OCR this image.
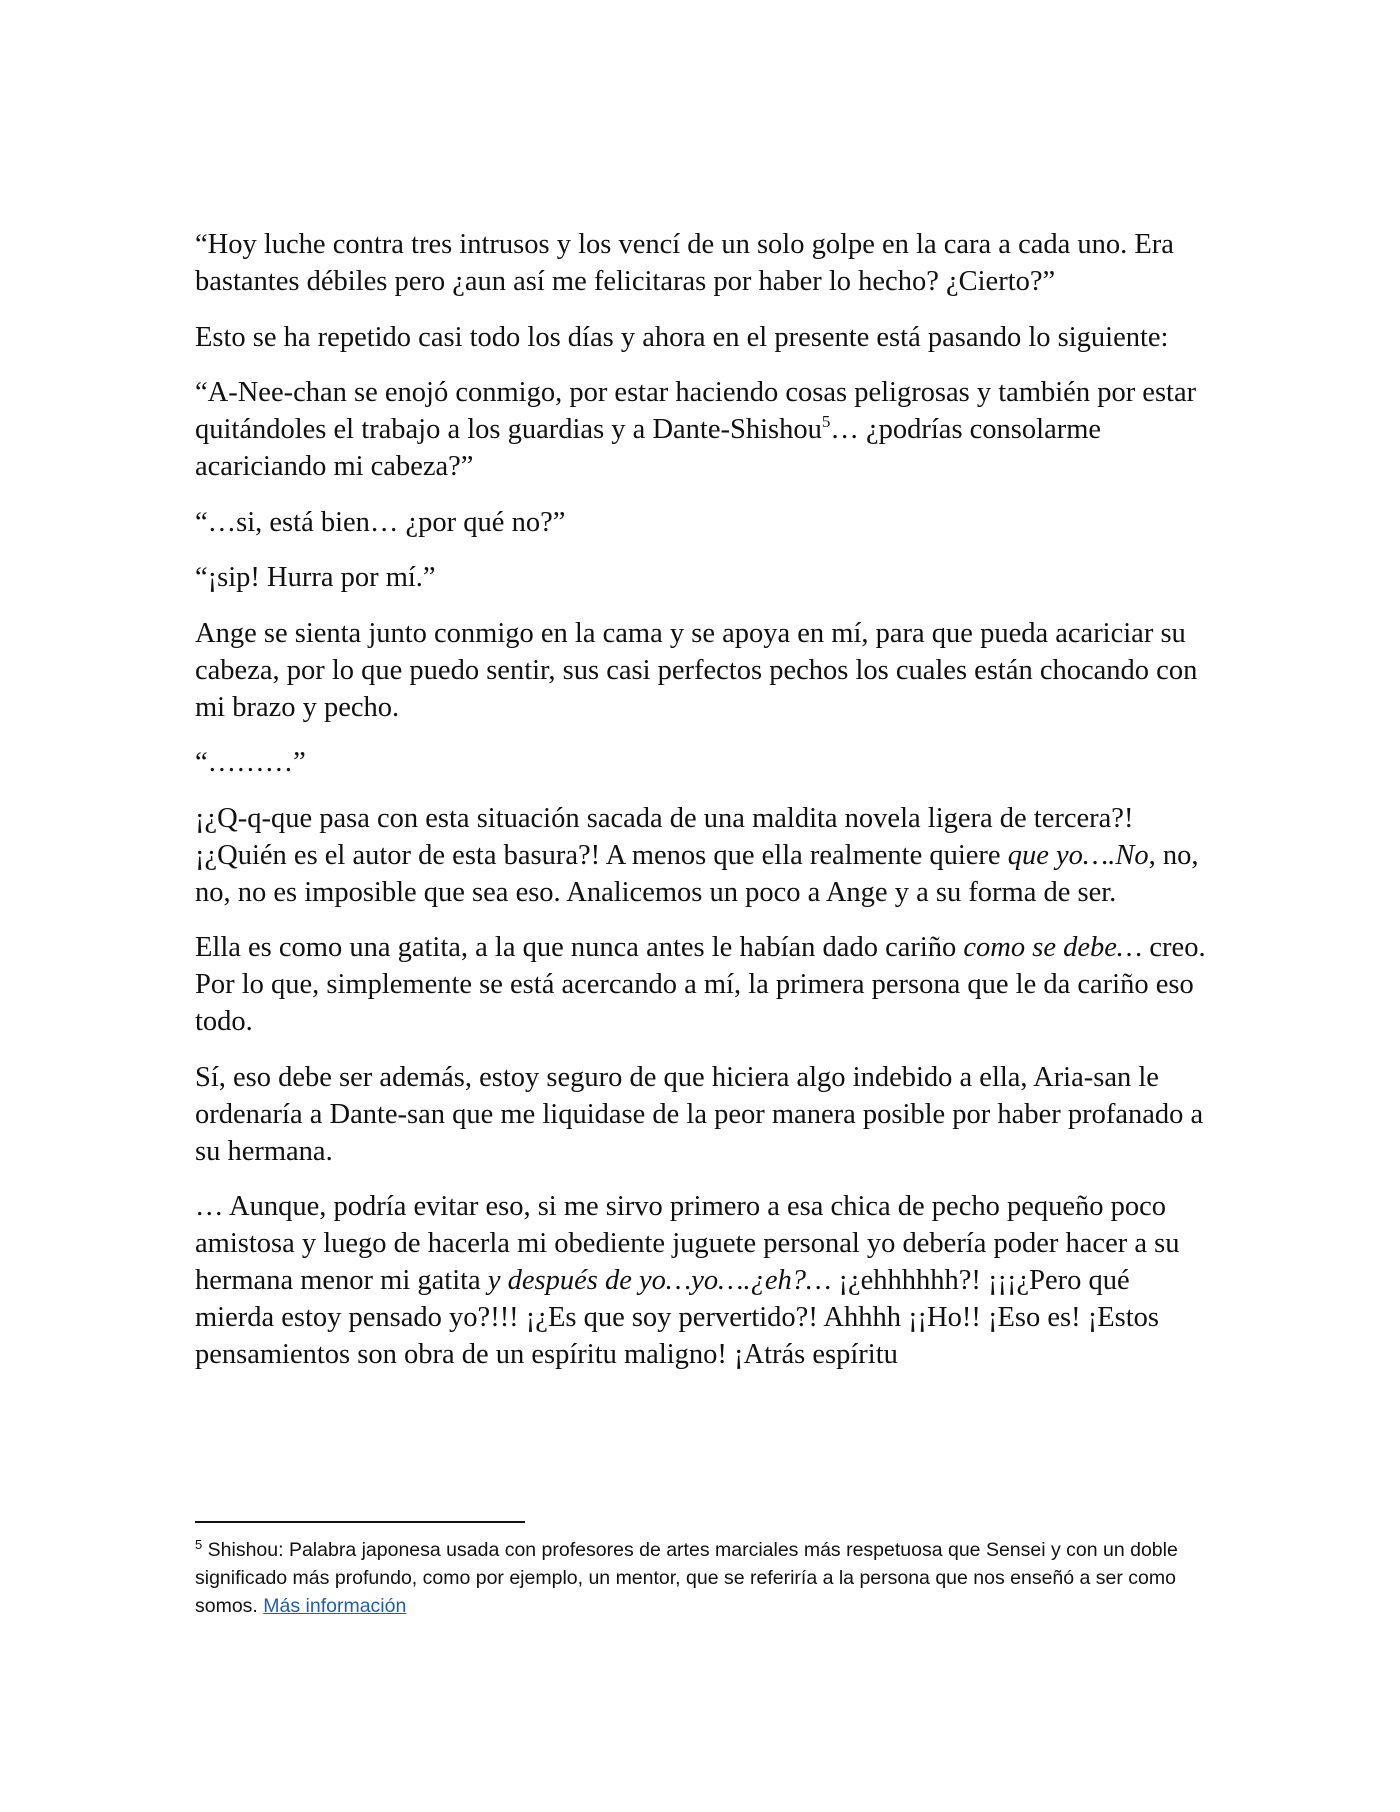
“Hoy luche contra tres intrusos y los vencí de un solo golpe en la cara a cada uno. Era bastantes débiles pero ¿aun así me felicitaras por haber lo hecho? ¿Cierto?”

Esto se ha repetido casi todo los días y ahora en el presente está pasando lo siguiente:

“A-Nee-chan se enojó conmigo, por estar haciendo cosas peligrosas y también por estar quitándoles el trabajo a los guardias y a Dante-Shishou$^5$… ¿podrías consolarme acariciando mi cabeza?”

“…si, está bien… ¿por qué no?”

“¡sip! Hurra por mí.”

Ange se sienta junto conmigo en la cama y se apoya en mí, para que pueda acariciar su cabeza, por lo que puedo sentir, sus casi perfectos pechos los cuales están chocando con mi brazo y pecho.

“………”

¡¿Q-q-que pasa con esta situación sacada de una maldita novela ligera de tercera?!¡¿Quién es el autor de esta basura?! A menos que ella realmente quiere que yo….No, no, no, no es imposible que sea eso. Analicemos un poco a Ange y a su forma de ser.

Ella es como una gatita, a la que nunca antes le habían dado cariño como se debe… creo. Por lo que, simplemente se está acercando a mí, la primera persona que le da cariño eso todo.

Sí, eso debe ser además, estoy seguro de que hiciera algo indebido a ella, Aria-san le ordenaría a Dante-san que me liquidase de la peor manera posible por haber profanado a su hermana.

… Aunque, podría evitar eso, si me sirvo primero a esa chica de pecho pequeño poco amistosa y luego de hacerla mi obediente juguete personal yo debería poder hacer a su hermana menor mi gatita y después de yo…yo….¿eh?… ¡¿ehhhhhh?! ¡¡¡¿Pero qué mierda estoy pensado yo?!!! ¡¿Es que soy pervertido?! Ahhhh ¡¡Ho!! ¡Eso es! ¡Estos pensamientos son obra de un espíritu maligno! ¡Atrás espíritu

$^5$ Shishou: Palabra japonesa usada con profesores de artes marciales más respetuosa que Sensei y con un doble significado más profundo, como por ejemplo, un mentor, que se referiría a la persona que nos enseñó a ser como somos. Más información
